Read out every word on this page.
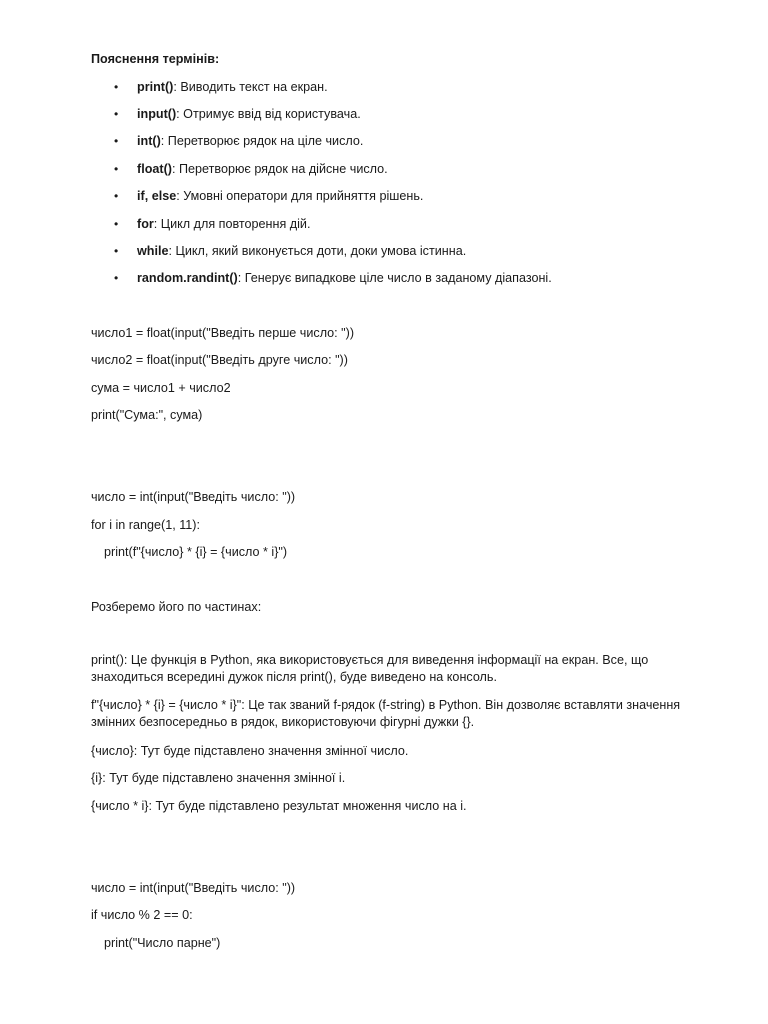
Пояснення термінів:
• print(): Виводить текст на екран.
• input(): Отримує ввід від користувача.
• int(): Перетворює рядок на ціле число.
• float(): Перетворює рядок на дійсне число.
• if, else: Умовні оператори для прийняття рішень.
• for: Цикл для повторення дій.
• while: Цикл, який виконується доти, доки умова істинна.
• random.randint(): Генерує випадкове ціле число в заданому діапазоні.
число1 = float(input("Введіть перше число: "))
число2 = float(input("Введіть друге число: "))
сума = число1 + число2
print("Сума:", сума)
число = int(input("Введіть число: "))
for i in range(1, 11):
print(f"{число} * {i} = {число * i}")
Розберемо його по частинах:
print(): Це функція в Python, яка використовується для виведення інформації на екран. Все, що знаходиться всередині дужок після print(), буде виведено на консоль.
f"{число} * {i} = {число * i}": Це так званий f-рядок (f-string) в Python. Він дозволяє вставляти значення змінних безпосередньо в рядок, використовуючи фігурні дужки {}.
{число}: Тут буде підставлено значення змінної число.
{i}: Тут буде підставлено значення змінної i.
{число * i}: Тут буде підставлено результат множення число на i.
число = int(input("Введіть число: "))
if число % 2 == 0:
print("Число парне")
